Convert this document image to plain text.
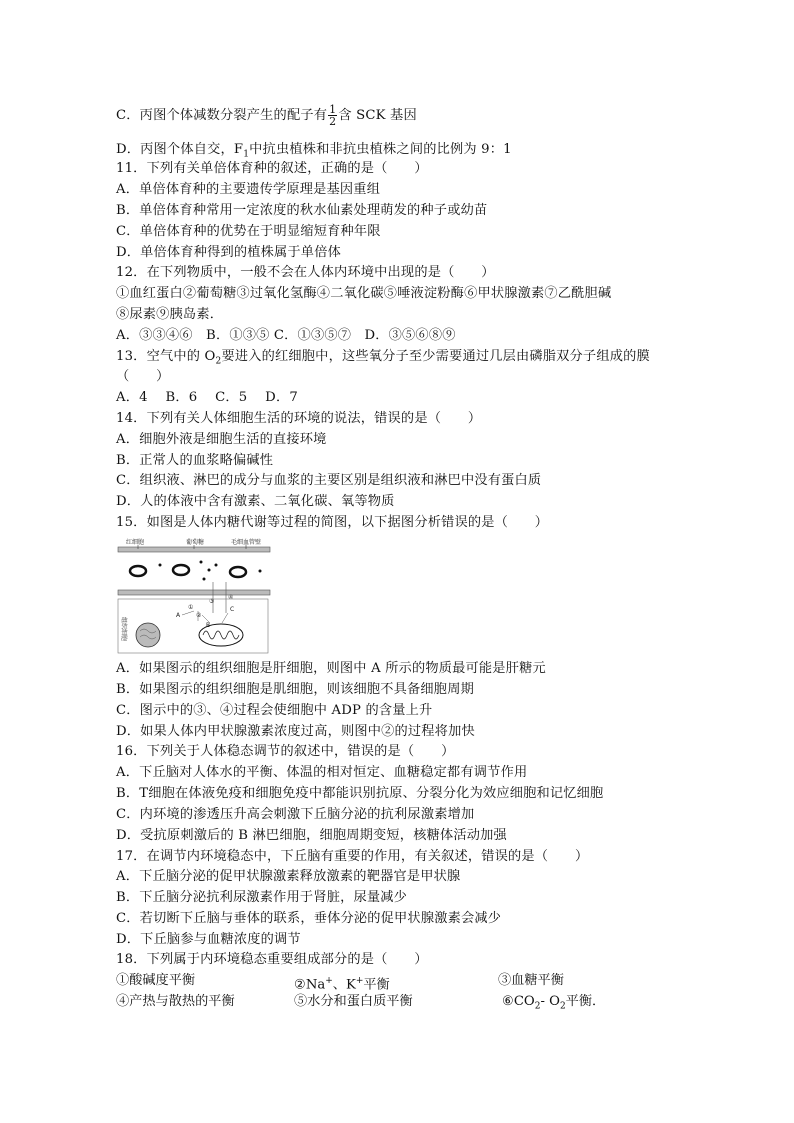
C．丙图个体减数分裂产生的配子有 $\frac{1}{2}$ 含 SCK 基因
D．丙图个体自交，$F_1$中抗虫植株和非抗虫植株之间的比例为 9：1
11．下列有关单倍体育种的叙述，正确的是（　　）
A．单倍体育种的主要遗传学原理是基因重组
B．单倍体育种常用一定浓度的秋水仙素处理萌发的种子或幼苗
C．单倍体育种的优势在于明显缩短育种年限
D．单倍体育种得到的植株属于单倍体
12．在下列物质中，一般不会在人体内环境中出现的是（　　）
①血红蛋白②葡萄糖③过氧化氢酶④二氧化碳⑤唾液淀粉酶⑥甲状腺激素⑦乙酰胆碱
⑧尿素⑨胰岛素．
A．③③④⑥　B．①③⑤ C．①③⑤⑦　D．③⑤⑥⑧⑨
13．空气中的 $O_2$要进入的红细胞中，这些氧分子至少需要通过几层由磷脂双分子组成的膜
（　　）
A．4　 B．6　 C．5　 D．7
14．下列有关人体细胞生活的环境的说法，错误的是（　　）
A．细胞外液是细胞生活的直接环境
B．正常人的血浆略偏碱性
C．组织液、淋巴的成分与血浆的主要区别是组织液和淋巴中没有蛋白质
D．人的体液中含有激素、二氧化碳、氧等物质
15．如图是人体内糖代谢等过程的简图，以下据图分析错误的是（　　）
红细胞	葡萄糖	毛细血管壁
③
④
组织细胞
A
①
②
B
C
A．如果图示的组织细胞是肝细胞，则图中 A 所示的物质最可能是肝糖元
B．如果图示的组织细胞是肌细胞，则该细胞不具备细胞周期
C．图示中的③、④过程会使细胞中 ADP 的含量上升
D．如果人体内甲状腺激素浓度过高，则图中②的过程将加快
16．下列关于人体稳态调节的叙述中，错误的是（　　）
A．下丘脑对人体水的平衡、体温的相对恒定、血糖稳定都有调节作用
B．T细胞在体液免疫和细胞免疫中都能识别抗原、分裂分化为效应细胞和记忆细胞
C．内环境的渗透压升高会刺激下丘脑分泌的抗利尿激素增加
D．受抗原刺激后的 B 淋巴细胞，细胞周期变短，核糖体活动加强
17．在调节内环境稳态中，下丘脑有重要的作用，有关叙述，错误的是（　　）
A．下丘脑分泌的促甲状腺激素释放激素的靶器官是甲状腺
B．下丘脑分泌抗利尿激素作用于肾脏，尿量减少
C．若切断下丘脑与垂体的联系，垂体分泌的促甲状腺激素会减少
D．下丘脑参与血糖浓度的调节
18．下列属于内环境稳态重要组成部分的是（　　）
①酸碱度平衡	②Na+、K+平衡	③血糖平衡
④产热与散热的平衡	⑤水分和蛋白质平衡	$⑥CO_2-$ $O_2$平衡．
